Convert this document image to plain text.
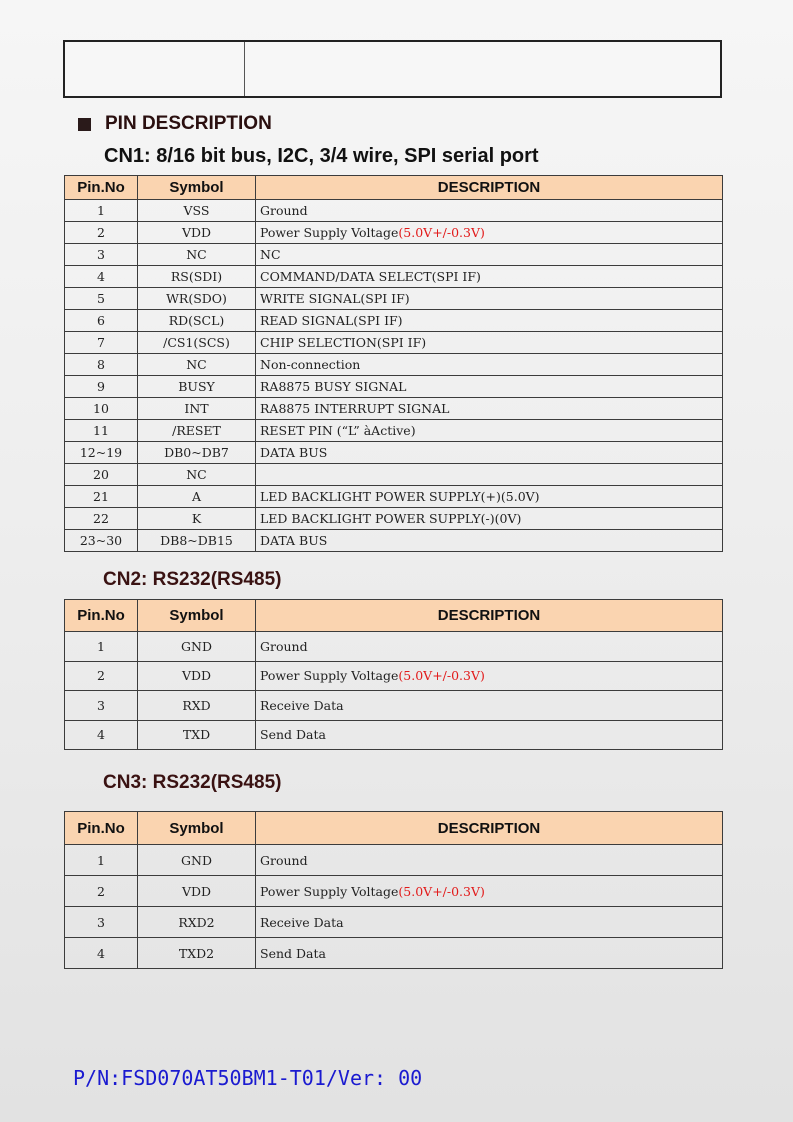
PIN DESCRIPTION
CN1: 8/16 bit bus, I2C, 3/4 wire, SPI serial port
Pin.No	Symbol	DESCRIPTION
1	VSS	Ground
2	VDD	Power Supply Voltage(5.0V+/-0.3V)
3	NC	NC
4	RS(SDI)	COMMAND/DATA SELECT(SPI IF)
5	WR(SDO)	WRITE SIGNAL(SPI IF)
6	RD(SCL)	READ SIGNAL(SPI IF)
7	/CS1(SCS)	CHIP SELECTION(SPI IF)
8	NC	Non-connection
9	BUSY	RA8875 BUSY SIGNAL
10	INT	RA8875 INTERRUPT SIGNAL
11	/RESET	RESET PIN (“L” àActive)
12~19	DB0~DB7	DATA BUS
20	NC	
21	A	LED BACKLIGHT POWER SUPPLY(+)(5.0V)
22	K	LED BACKLIGHT POWER SUPPLY(-)(0V)
23~30	DB8~DB15	DATA BUS
CN2: RS232(RS485)
Pin.No	Symbol	DESCRIPTION
1	GND	Ground
2	VDD	Power Supply Voltage(5.0V+/-0.3V)
3	RXD	Receive Data
4	TXD	Send Data
CN3: RS232(RS485)
Pin.No	Symbol	DESCRIPTION
1	GND	Ground
2	VDD	Power Supply Voltage(5.0V+/-0.3V)
3	RXD2	Receive Data
4	TXD2	Send Data
P/N:FSD070AT50BM1-T01/Ver: 00
